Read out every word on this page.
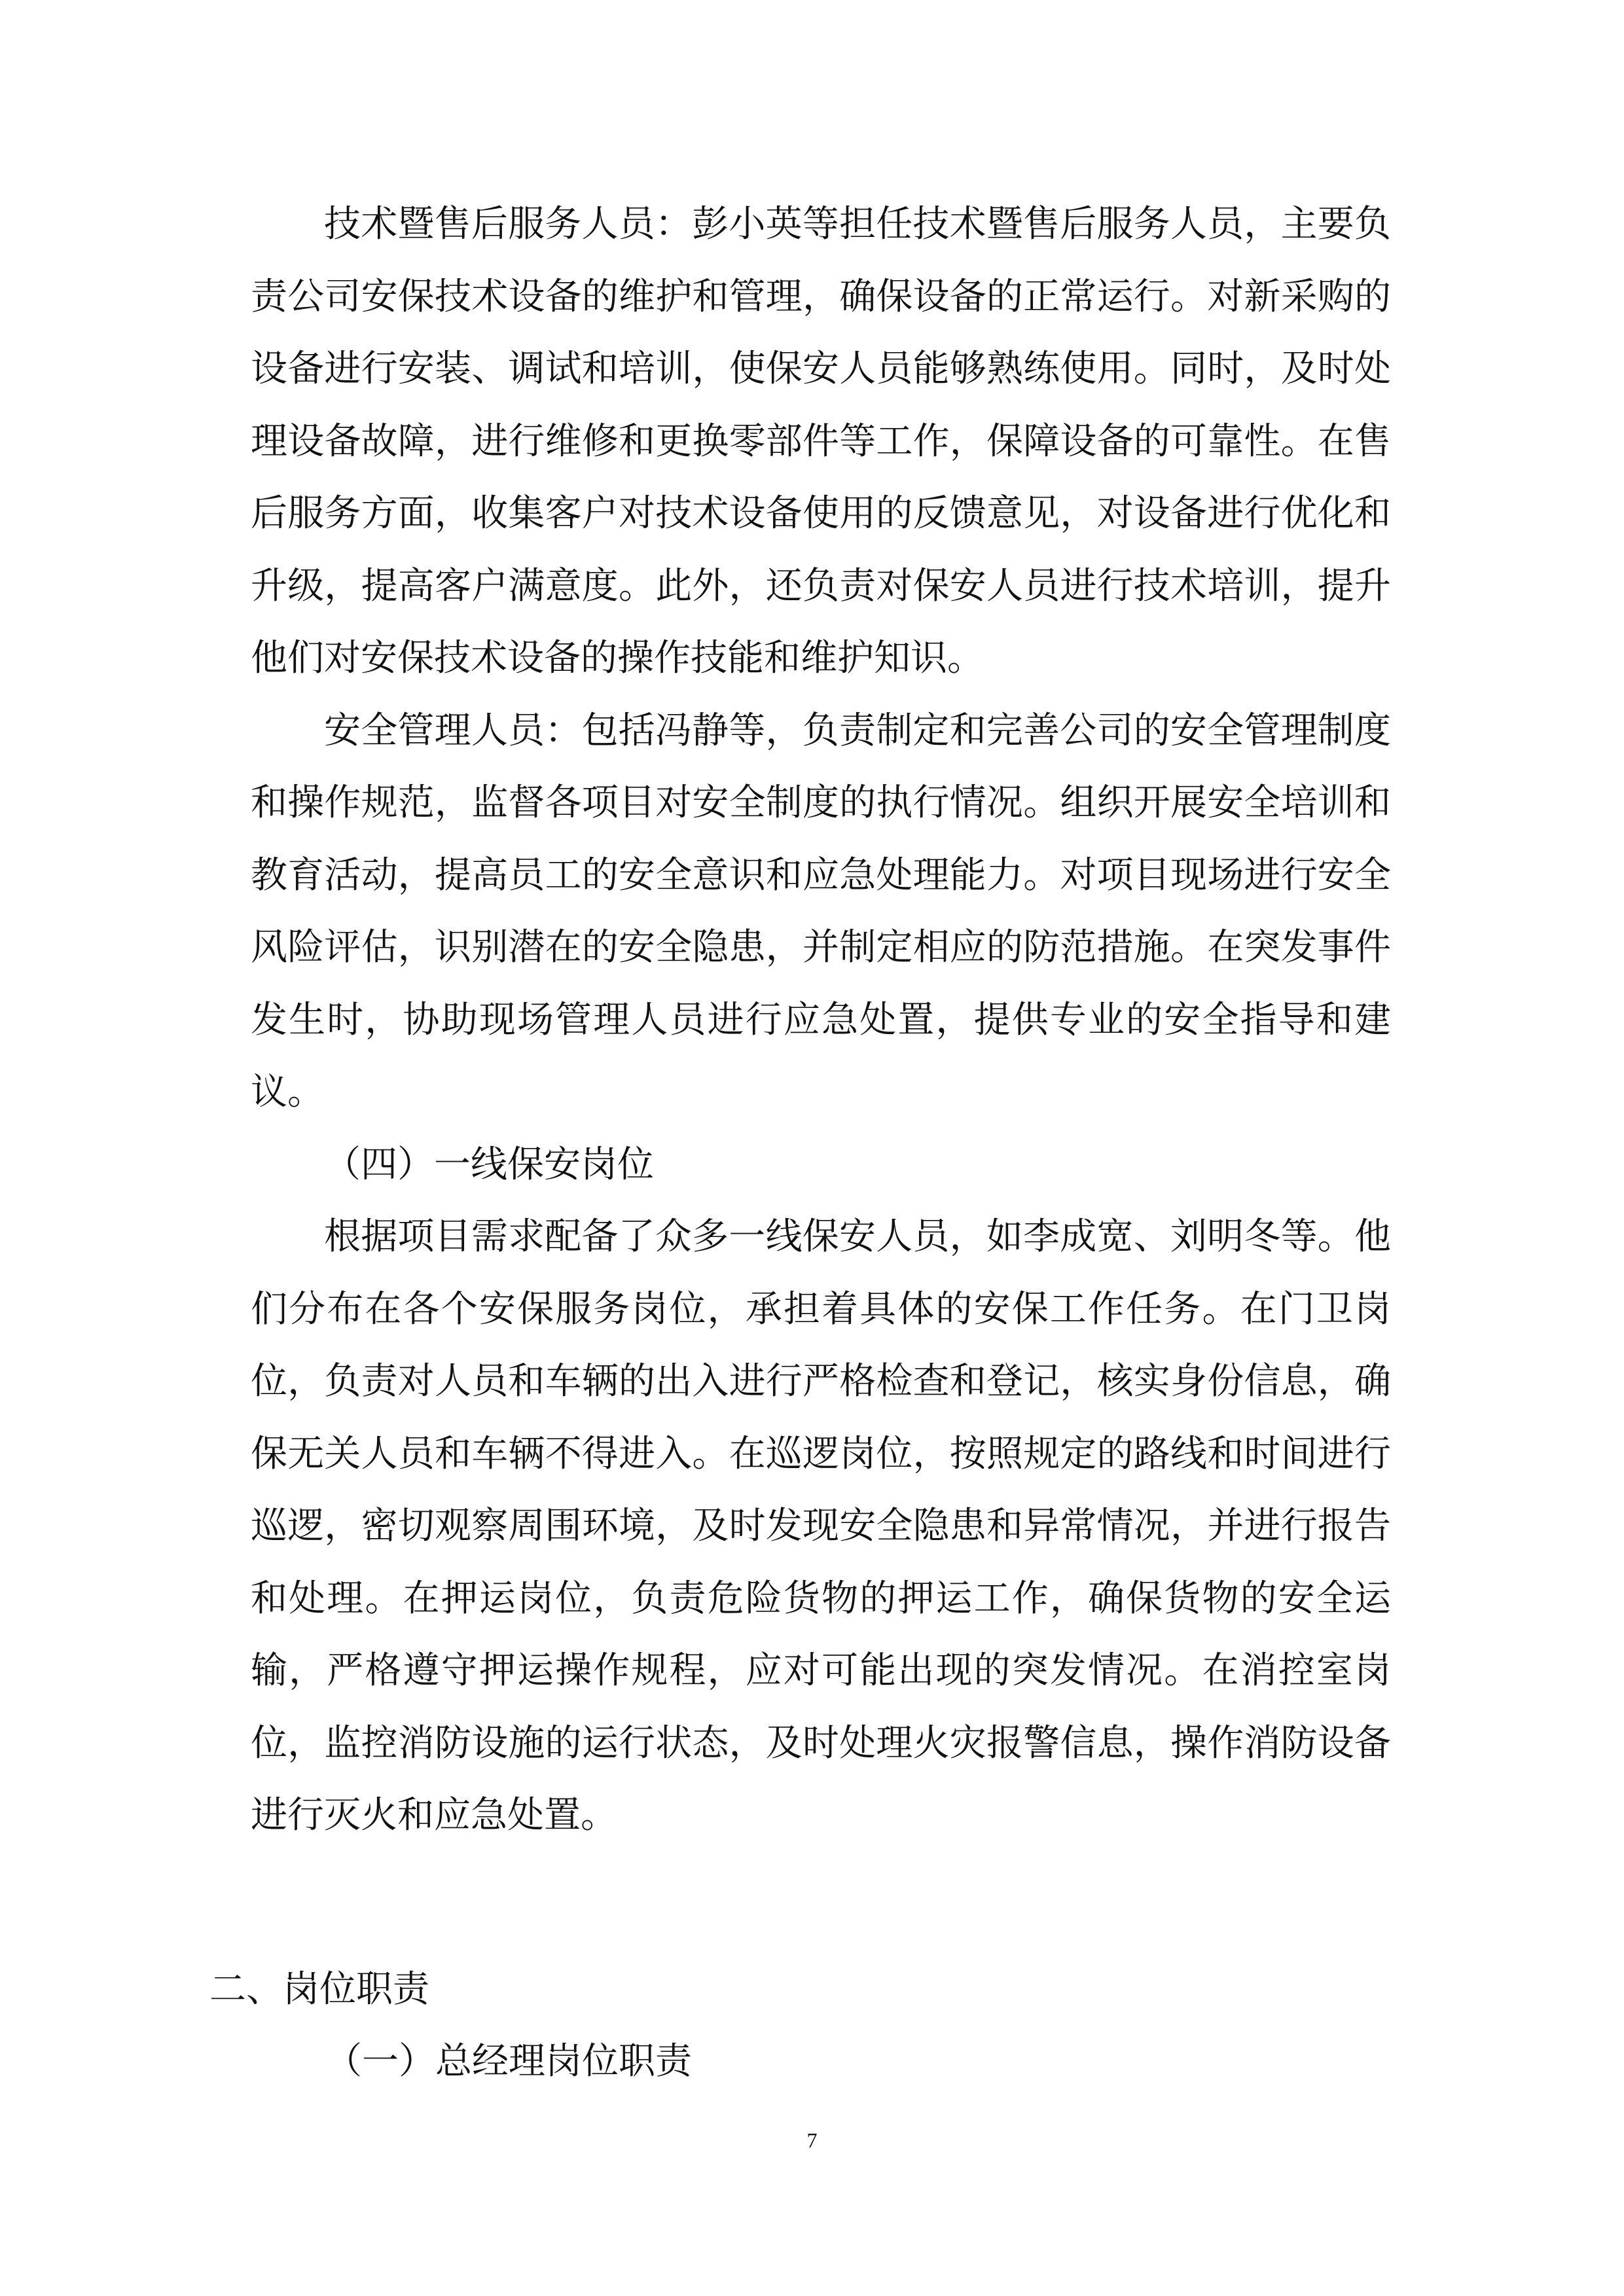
技术暨售后服务人员：彭小英等担任技术暨售后服务人员，主要负责公司安保技术设备的维护和管理，确保设备的正常运行。对新采购的设备进行安装、调试和培训，使保安人员能够熟练使用。同时，及时处理设备故障，进行维修和更换零部件等工作，保障设备的可靠性。在售后服务方面，收集客户对技术设备使用的反馈意见，对设备进行优化和升级，提高客户满意度。此外，还负责对保安人员进行技术培训，提升他们对安保技术设备的操作技能和维护知识。

安全管理人员：包括冯静等，负责制定和完善公司的安全管理制度和操作规范，监督各项目对安全制度的执行情况。组织开展安全培训和教育活动，提高员工的安全意识和应急处理能力。对项目现场进行安全风险评估，识别潜在的安全隐患，并制定相应的防范措施。在突发事件发生时，协助现场管理人员进行应急处置，提供专业的安全指导和建议。

（四）一线保安岗位

根据项目需求配备了众多一线保安人员，如李成宽、刘明冬等。他们分布在各个安保服务岗位，承担着具体的安保工作任务。在门卫岗位，负责对人员和车辆的出入进行严格检查和登记，核实身份信息，确保无关人员和车辆不得进入。在巡逻岗位，按照规定的路线和时间进行巡逻，密切观察周围环境，及时发现安全隐患和异常情况，并进行报告和处理。在押运岗位，负责危险货物的押运工作，确保货物的安全运输，严格遵守押运操作规程，应对可能出现的突发情况。在消控室岗位，监控消防设施的运行状态，及时处理火灾报警信息，操作消防设备进行灭火和应急处置。

二、岗位职责

（一）总经理岗位职责

7
